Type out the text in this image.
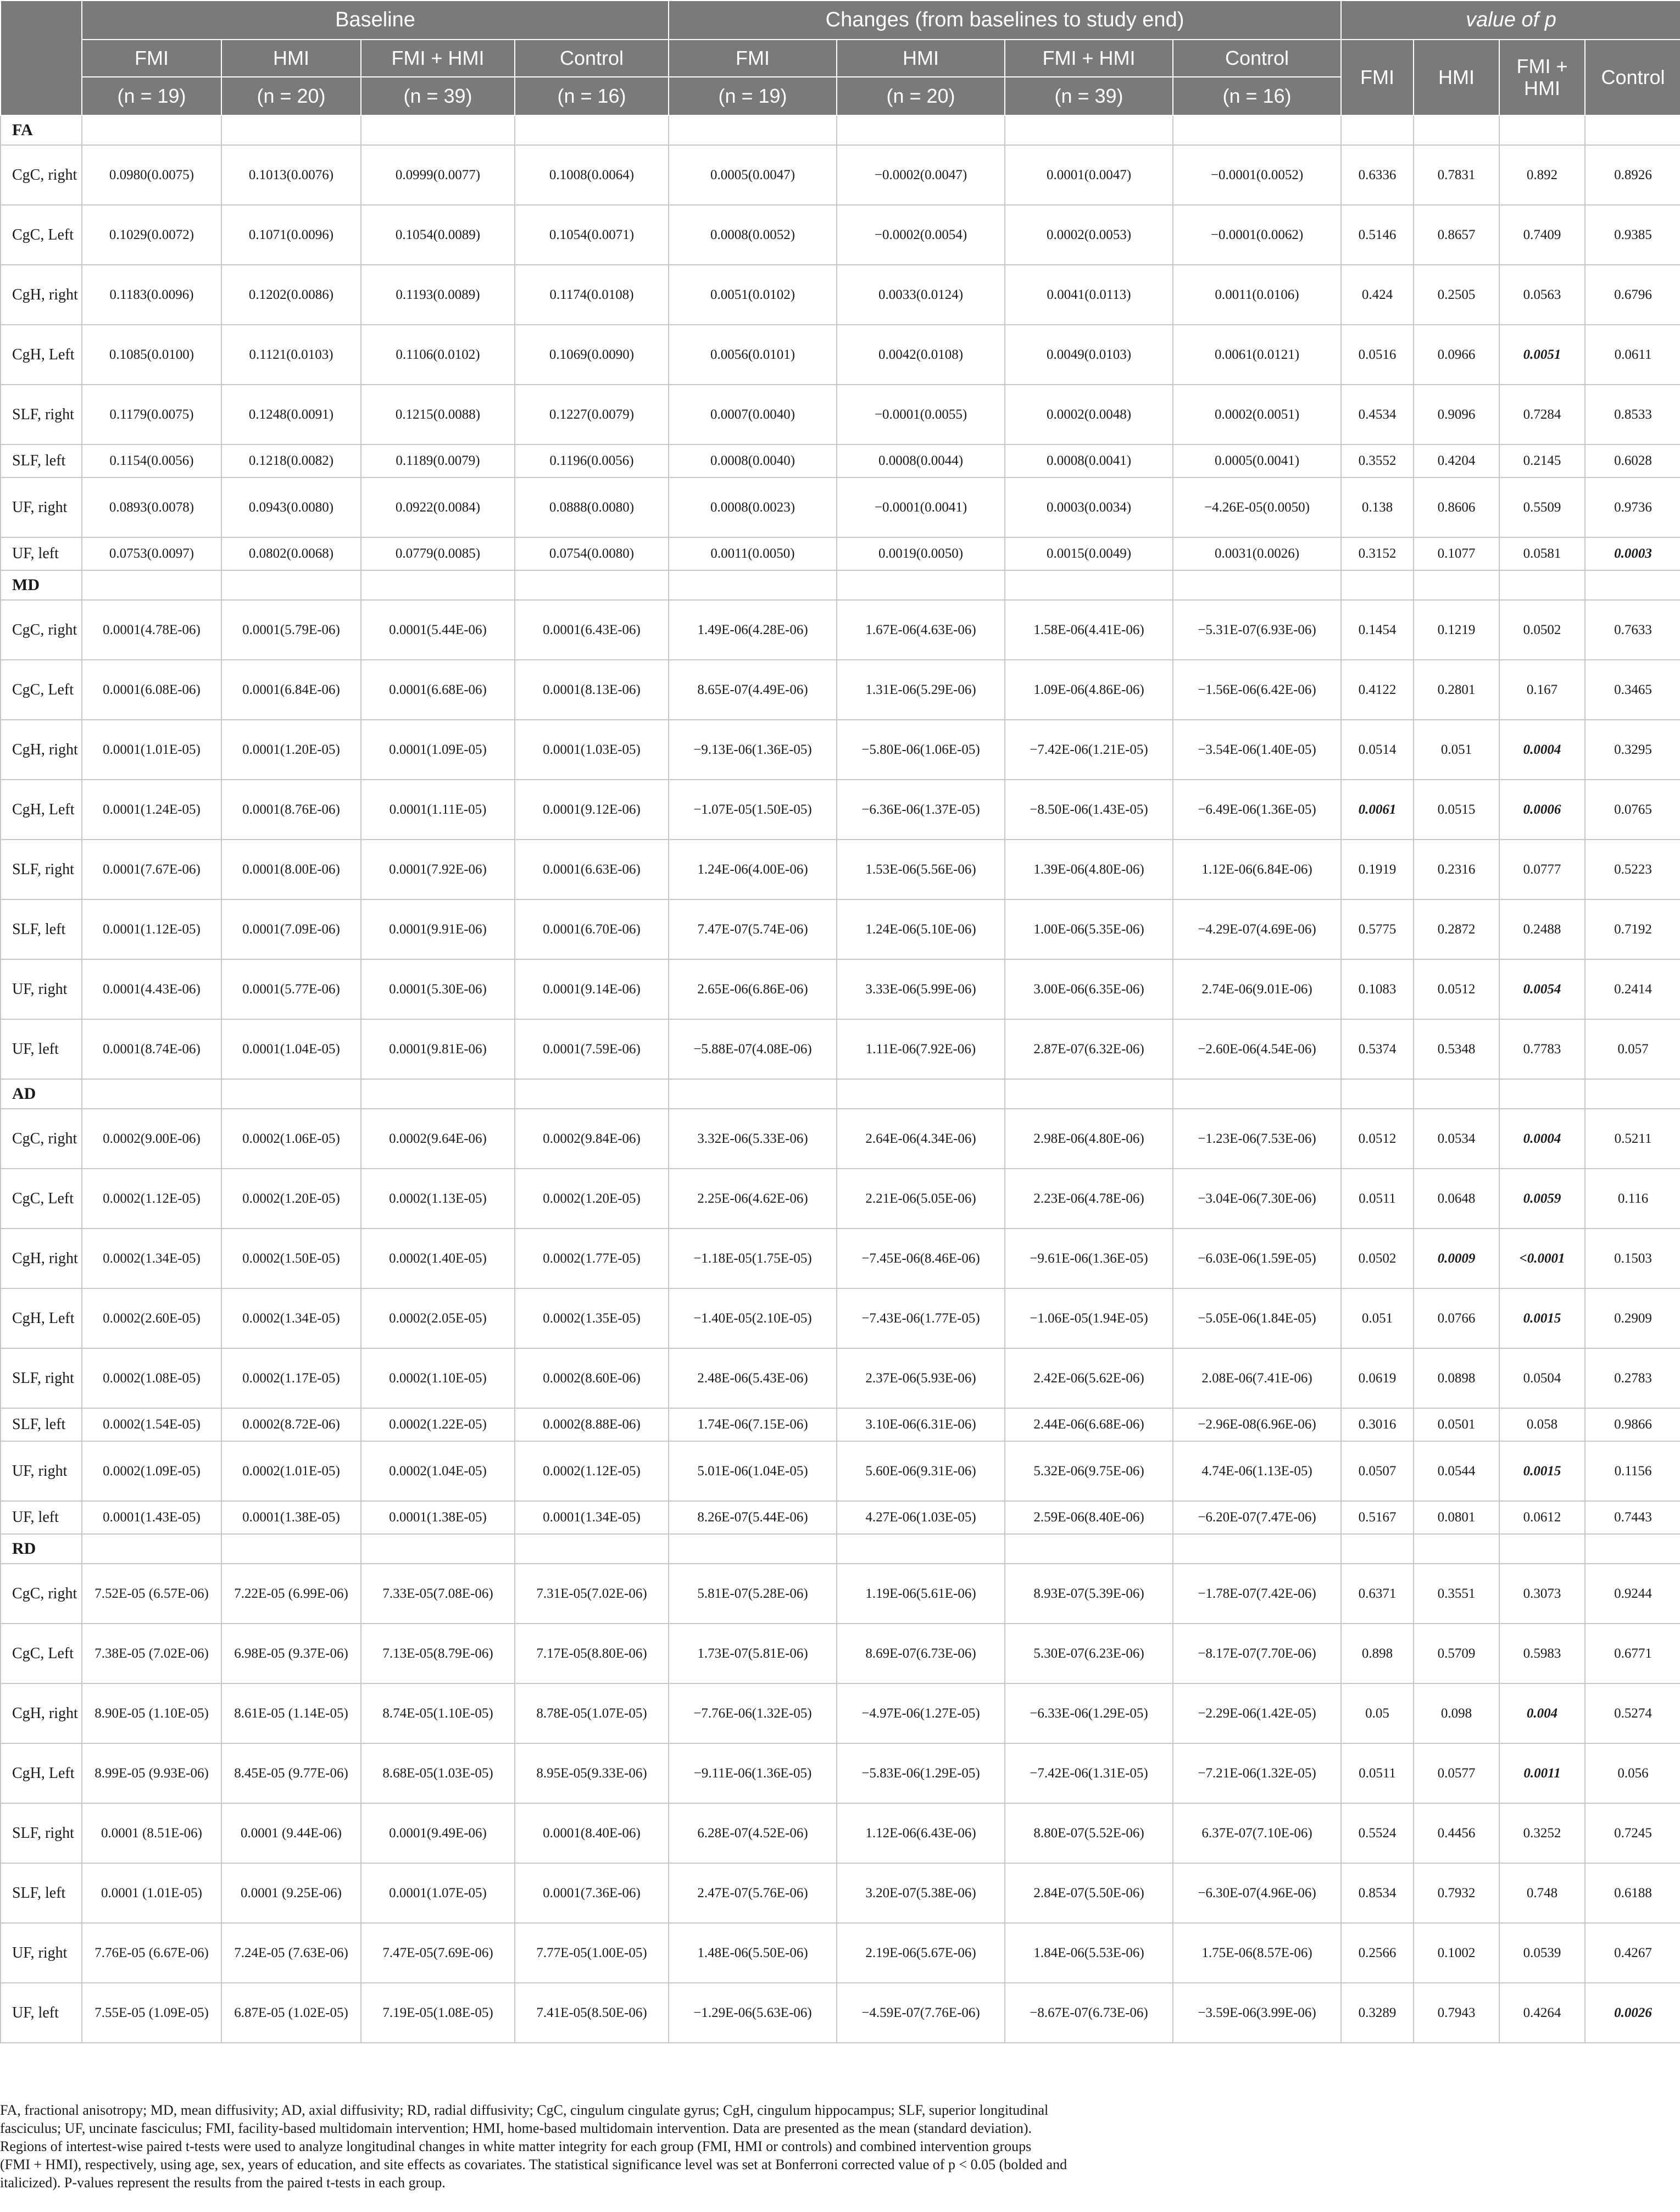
	Baseline				Changes (from baselines to study end)				value of p			
	FMI	HMI	FMI + HMI	Control	FMI	HMI	FMI + HMI	Control	FMI	HMI	FMI + HMI	Control
	(n = 19)	(n = 20)	(n = 39)	(n = 16)	(n = 19)	(n = 20)	(n = 39)	(n = 16)				
FA												
CgC, right	0.0980(0.0075)	0.1013(0.0076)	0.0999(0.0077)	0.1008(0.0064)	0.0005(0.0047)	−0.0002(0.0047)	0.0001(0.0047)	−0.0001(0.0052)	0.6336	0.7831	0.892	0.8926
CgC, Left	0.1029(0.0072)	0.1071(0.0096)	0.1054(0.0089)	0.1054(0.0071)	0.0008(0.0052)	−0.0002(0.0054)	0.0002(0.0053)	−0.0001(0.0062)	0.5146	0.8657	0.7409	0.9385
CgH, right	0.1183(0.0096)	0.1202(0.0086)	0.1193(0.0089)	0.1174(0.0108)	0.0051(0.0102)	0.0033(0.0124)	0.0041(0.0113)	0.0011(0.0106)	0.424	0.2505	0.0563	0.6796
CgH, Left	0.1085(0.0100)	0.1121(0.0103)	0.1106(0.0102)	0.1069(0.0090)	0.0056(0.0101)	0.0042(0.0108)	0.0049(0.0103)	0.0061(0.0121)	0.0516	0.0966	0.0051	0.0611
SLF, right	0.1179(0.0075)	0.1248(0.0091)	0.1215(0.0088)	0.1227(0.0079)	0.0007(0.0040)	−0.0001(0.0055)	0.0002(0.0048)	0.0002(0.0051)	0.4534	0.9096	0.7284	0.8533
SLF, left	0.1154(0.0056)	0.1218(0.0082)	0.1189(0.0079)	0.1196(0.0056)	0.0008(0.0040)	0.0008(0.0044)	0.0008(0.0041)	0.0005(0.0041)	0.3552	0.4204	0.2145	0.6028
UF, right	0.0893(0.0078)	0.0943(0.0080)	0.0922(0.0084)	0.0888(0.0080)	0.0008(0.0023)	−0.0001(0.0041)	0.0003(0.0034)	−4.26E-05(0.0050)	0.138	0.8606	0.5509	0.9736
UF, left	0.0753(0.0097)	0.0802(0.0068)	0.0779(0.0085)	0.0754(0.0080)	0.0011(0.0050)	0.0019(0.0050)	0.0015(0.0049)	0.0031(0.0026)	0.3152	0.1077	0.0581	0.0003
MD												
CgC, right	0.0001(4.78E-06)	0.0001(5.79E-06)	0.0001(5.44E-06)	0.0001(6.43E-06)	1.49E-06(4.28E-06)	1.67E-06(4.63E-06)	1.58E-06(4.41E-06)	−5.31E-07(6.93E-06)	0.1454	0.1219	0.0502	0.7633
CgC, Left	0.0001(6.08E-06)	0.0001(6.84E-06)	0.0001(6.68E-06)	0.0001(8.13E-06)	8.65E-07(4.49E-06)	1.31E-06(5.29E-06)	1.09E-06(4.86E-06)	−1.56E-06(6.42E-06)	0.4122	0.2801	0.167	0.3465
CgH, right	0.0001(1.01E-05)	0.0001(1.20E-05)	0.0001(1.09E-05)	0.0001(1.03E-05)	−9.13E-06(1.36E-05)	−5.80E-06(1.06E-05)	−7.42E-06(1.21E-05)	−3.54E-06(1.40E-05)	0.0514	0.051	0.0004	0.3295
CgH, Left	0.0001(1.24E-05)	0.0001(8.76E-06)	0.0001(1.11E-05)	0.0001(9.12E-06)	−1.07E-05(1.50E-05)	−6.36E-06(1.37E-05)	−8.50E-06(1.43E-05)	−6.49E-06(1.36E-05)	0.0061	0.0515	0.0006	0.0765
SLF, right	0.0001(7.67E-06)	0.0001(8.00E-06)	0.0001(7.92E-06)	0.0001(6.63E-06)	1.24E-06(4.00E-06)	1.53E-06(5.56E-06)	1.39E-06(4.80E-06)	1.12E-06(6.84E-06)	0.1919	0.2316	0.0777	0.5223
SLF, left	0.0001(1.12E-05)	0.0001(7.09E-06)	0.0001(9.91E-06)	0.0001(6.70E-06)	7.47E-07(5.74E-06)	1.24E-06(5.10E-06)	1.00E-06(5.35E-06)	−4.29E-07(4.69E-06)	0.5775	0.2872	0.2488	0.7192
UF, right	0.0001(4.43E-06)	0.0001(5.77E-06)	0.0001(5.30E-06)	0.0001(9.14E-06)	2.65E-06(6.86E-06)	3.33E-06(5.99E-06)	3.00E-06(6.35E-06)	2.74E-06(9.01E-06)	0.1083	0.0512	0.0054	0.2414
UF, left	0.0001(8.74E-06)	0.0001(1.04E-05)	0.0001(9.81E-06)	0.0001(7.59E-06)	−5.88E-07(4.08E-06)	1.11E-06(7.92E-06)	2.87E-07(6.32E-06)	−2.60E-06(4.54E-06)	0.5374	0.5348	0.7783	0.057
AD												
CgC, right	0.0002(9.00E-06)	0.0002(1.06E-05)	0.0002(9.64E-06)	0.0002(9.84E-06)	3.32E-06(5.33E-06)	2.64E-06(4.34E-06)	2.98E-06(4.80E-06)	−1.23E-06(7.53E-06)	0.0512	0.0534	0.0004	0.5211
CgC, Left	0.0002(1.12E-05)	0.0002(1.20E-05)	0.0002(1.13E-05)	0.0002(1.20E-05)	2.25E-06(4.62E-06)	2.21E-06(5.05E-06)	2.23E-06(4.78E-06)	−3.04E-06(7.30E-06)	0.0511	0.0648	0.0059	0.116
CgH, right	0.0002(1.34E-05)	0.0002(1.50E-05)	0.0002(1.40E-05)	0.0002(1.77E-05)	−1.18E-05(1.75E-05)	−7.45E-06(8.46E-06)	−9.61E-06(1.36E-05)	−6.03E-06(1.59E-05)	0.0502	0.0009	<0.0001	0.1503
CgH, Left	0.0002(2.60E-05)	0.0002(1.34E-05)	0.0002(2.05E-05)	0.0002(1.35E-05)	−1.40E-05(2.10E-05)	−7.43E-06(1.77E-05)	−1.06E-05(1.94E-05)	−5.05E-06(1.84E-05)	0.051	0.0766	0.0015	0.2909
SLF, right	0.0002(1.08E-05)	0.0002(1.17E-05)	0.0002(1.10E-05)	0.0002(8.60E-06)	2.48E-06(5.43E-06)	2.37E-06(5.93E-06)	2.42E-06(5.62E-06)	2.08E-06(7.41E-06)	0.0619	0.0898	0.0504	0.2783
SLF, left	0.0002(1.54E-05)	0.0002(8.72E-06)	0.0002(1.22E-05)	0.0002(8.88E-06)	1.74E-06(7.15E-06)	3.10E-06(6.31E-06)	2.44E-06(6.68E-06)	−2.96E-08(6.96E-06)	0.3016	0.0501	0.058	0.9866
UF, right	0.0002(1.09E-05)	0.0002(1.01E-05)	0.0002(1.04E-05)	0.0002(1.12E-05)	5.01E-06(1.04E-05)	5.60E-06(9.31E-06)	5.32E-06(9.75E-06)	4.74E-06(1.13E-05)	0.0507	0.0544	0.0015	0.1156
UF, left	0.0001(1.43E-05)	0.0001(1.38E-05)	0.0001(1.38E-05)	0.0001(1.34E-05)	8.26E-07(5.44E-06)	4.27E-06(1.03E-05)	2.59E-06(8.40E-06)	−6.20E-07(7.47E-06)	0.5167	0.0801	0.0612	0.7443
RD												
CgC, right	7.52E-05 (6.57E-06)	7.22E-05 (6.99E-06)	7.33E-05(7.08E-06)	7.31E-05(7.02E-06)	5.81E-07(5.28E-06)	1.19E-06(5.61E-06)	8.93E-07(5.39E-06)	−1.78E-07(7.42E-06)	0.6371	0.3551	0.3073	0.9244
CgC, Left	7.38E-05 (7.02E-06)	6.98E-05 (9.37E-06)	7.13E-05(8.79E-06)	7.17E-05(8.80E-06)	1.73E-07(5.81E-06)	8.69E-07(6.73E-06)	5.30E-07(6.23E-06)	−8.17E-07(7.70E-06)	0.898	0.5709	0.5983	0.6771
CgH, right	8.90E-05 (1.10E-05)	8.61E-05 (1.14E-05)	8.74E-05(1.10E-05)	8.78E-05(1.07E-05)	−7.76E-06(1.32E-05)	−4.97E-06(1.27E-05)	−6.33E-06(1.29E-05)	−2.29E-06(1.42E-05)	0.05	0.098	0.004	0.5274
CgH, Left	8.99E-05 (9.93E-06)	8.45E-05 (9.77E-06)	8.68E-05(1.03E-05)	8.95E-05(9.33E-06)	−9.11E-06(1.36E-05)	−5.83E-06(1.29E-05)	−7.42E-06(1.31E-05)	−7.21E-06(1.32E-05)	0.0511	0.0577	0.0011	0.056
SLF, right	0.0001 (8.51E-06)	0.0001 (9.44E-06)	0.0001(9.49E-06)	0.0001(8.40E-06)	6.28E-07(4.52E-06)	1.12E-06(6.43E-06)	8.80E-07(5.52E-06)	6.37E-07(7.10E-06)	0.5524	0.4456	0.3252	0.7245
SLF, left	0.0001 (1.01E-05)	0.0001 (9.25E-06)	0.0001(1.07E-05)	0.0001(7.36E-06)	2.47E-07(5.76E-06)	3.20E-07(5.38E-06)	2.84E-07(5.50E-06)	−6.30E-07(4.96E-06)	0.8534	0.7932	0.748	0.6188
UF, right	7.76E-05 (6.67E-06)	7.24E-05 (7.63E-06)	7.47E-05(7.69E-06)	7.77E-05(1.00E-05)	1.48E-06(5.50E-06)	2.19E-06(5.67E-06)	1.84E-06(5.53E-06)	1.75E-06(8.57E-06)	0.2566	0.1002	0.0539	0.4267
UF, left	7.55E-05 (1.09E-05)	6.87E-05 (1.02E-05)	7.19E-05(1.08E-05)	7.41E-05(8.50E-06)	−1.29E-06(5.63E-06)	−4.59E-07(7.76E-06)	−8.67E-07(6.73E-06)	−3.59E-06(3.99E-06)	0.3289	0.7943	0.4264	0.0026

FA, fractional anisotropy; MD, mean diffusivity; AD, axial diffusivity; RD, radial diffusivity; CgC, cingulum cingulate gyrus; CgH, cingulum hippocampus; SLF, superior longitudinal

fasciculus; UF, uncinate fasciculus; FMI, facility-based multidomain intervention; HMI, home-based multidomain intervention. Data are presented as the mean (standard deviation).

Regions of intertest-wise paired t-tests were used to analyze longitudinal changes in white matter integrity for each group (FMI, HMI or controls) and combined intervention groups

(FMI + HMI), respectively, using age, sex, years of education, and site effects as covariates. The statistical significance level was set at Bonferroni corrected value of p < 0.05 (bolded and

italicized). P-values represent the results from the paired t-tests in each group.
